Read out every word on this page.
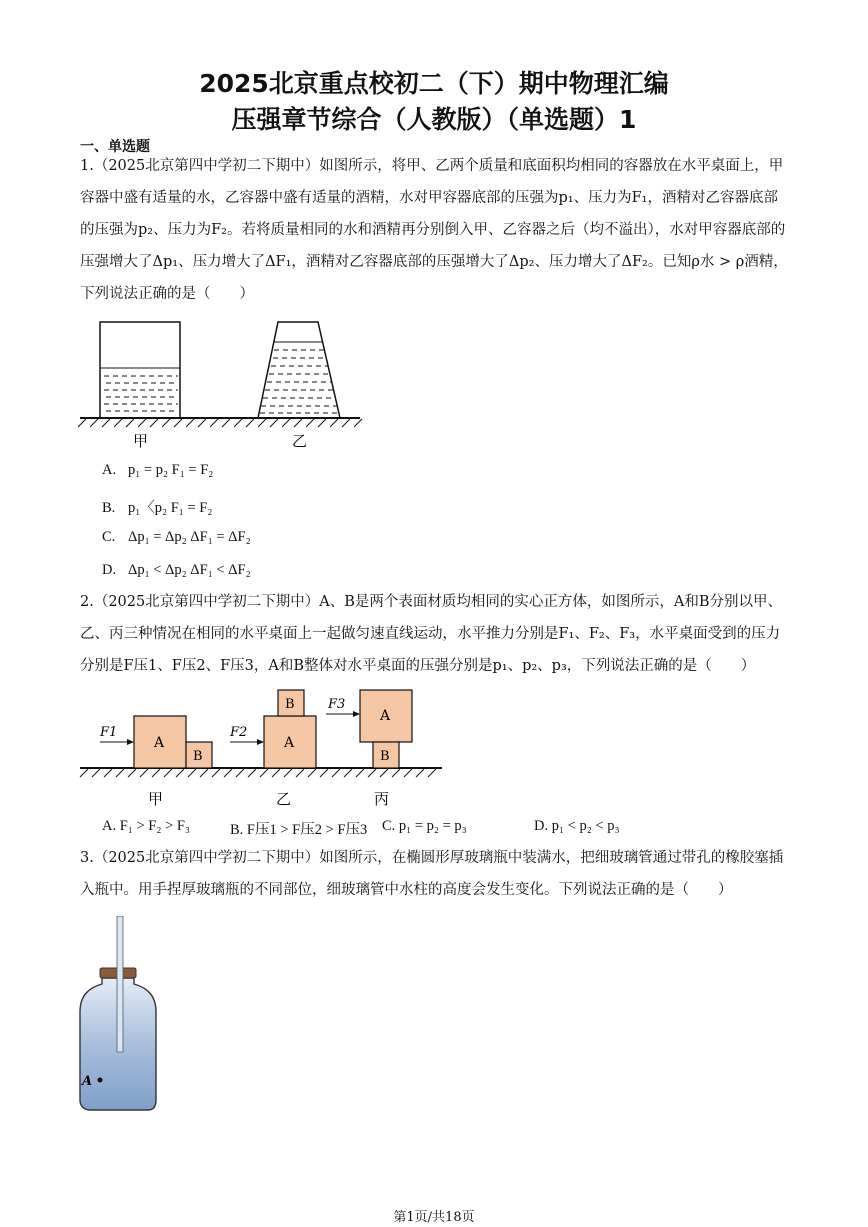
2025北京重点校初二（下）期中物理汇编
压强章节综合（人教版）（单选题）1
一、单选题
1.（2025北京第四中学初二下期中）如图所示，将甲、乙两个质量和底面积均相同的容器放在水平桌面上，甲容器中盛有适量的水，乙容器中盛有适量的酒精，水对甲容器底部的压强为p₁、压力为F₁，酒精对乙容器底部的压强为p₂、压力为F₂。若将质量相同的水和酒精再分别倒入甲、乙容器之后（均不溢出），水对甲容器底部的压强增大了Δp₁、压力增大了ΔF₁，酒精对乙容器底部的压强增大了Δp₂、压力增大了ΔF₂。已知ρ水 > ρ酒精，下列说法正确的是（　　）
甲	乙
A. p₁ = p₂ F₁ = F₂
B. p₁〈p₂ F₁ = F₂
C. Δp₁ = Δp₂ ΔF₁ = ΔF₂
D. Δp₁ < Δp₂ ΔF₁ < ΔF₂
2.（2025北京第四中学初二下期中）A、B是两个表面材质均相同的实心正方体，如图所示，A和B分别以甲、乙、丙三种情况在相同的水平桌面上一起做匀速直线运动，水平推力分别是F₁、F₂、F₃，水平桌面受到的压力分别是F压1、F压2、F压3，A和B整体对水平桌面的压强分别是p₁、p₂、p₃，下列说法正确的是（　　）
A
B
F1
A
B
F2
A
B
F3
甲	乙	丙
A. F₁ > F₂ > F₃	B. F压1 > F压2 > F压3 C. p₁ = p₂ = p₃	D. p₁ < p₂ < p₃
3.（2025北京第四中学初二下期中）如图所示，在椭圆形厚玻璃瓶中装满水，把细玻璃管通过带孔的橡胶塞插入瓶中。用手捏厚玻璃瓶的不同部位，细玻璃管中水柱的高度会发生变化。下列说法正确的是（　　）
A
第1页/共18页
